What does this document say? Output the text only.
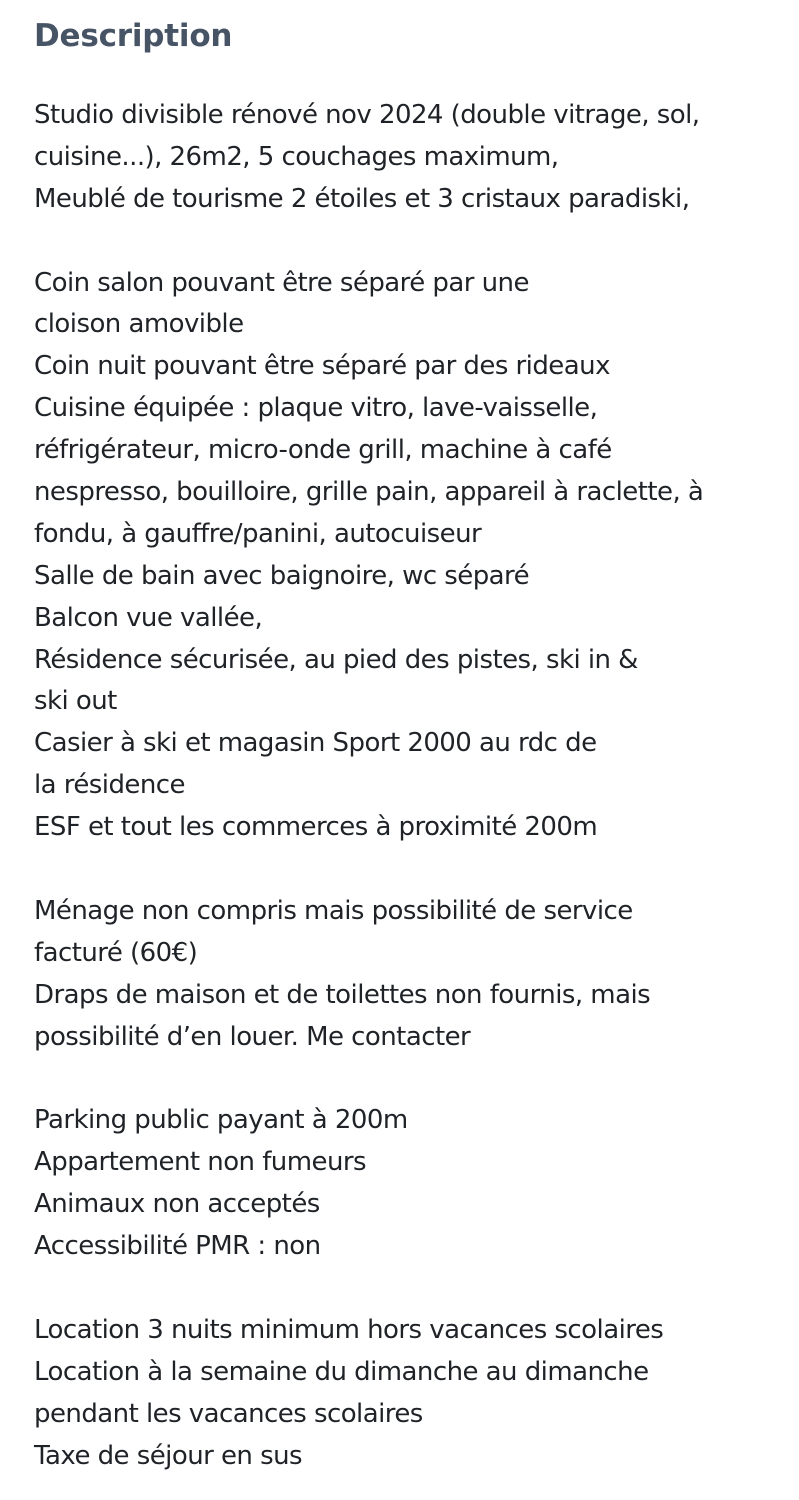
Description
Studio divisible rénové nov 2024 (double vitrage, sol,
cuisine...), 26m2, 5 couchages maximum,
Meublé de tourisme 2 étoiles et 3 cristaux paradiski,
Coin salon pouvant être séparé par une
cloison amovible
Coin nuit pouvant être séparé par des rideaux
Cuisine équipée : plaque vitro, lave-vaisselle,
réfrigérateur, micro-onde grill, machine à café
nespresso, bouilloire, grille pain, appareil à raclette, à
fondu, à gauffre/panini, autocuiseur
Salle de bain avec baignoire, wc séparé
Balcon vue vallée,
Résidence sécurisée, au pied des pistes, ski in &
ski out
Casier à ski et magasin Sport 2000 au rdc de
la résidence
ESF et tout les commerces à proximité 200m
Ménage non compris mais possibilité de service
facturé (60€)
Draps de maison et de toilettes non fournis, mais
possibilité d’en louer. Me contacter
Parking public payant à 200m
Appartement non fumeurs
Animaux non acceptés
Accessibilité PMR : non
Location 3 nuits minimum hors vacances scolaires
Location à la semaine du dimanche au dimanche
pendant les vacances scolaires
Taxe de séjour en sus
